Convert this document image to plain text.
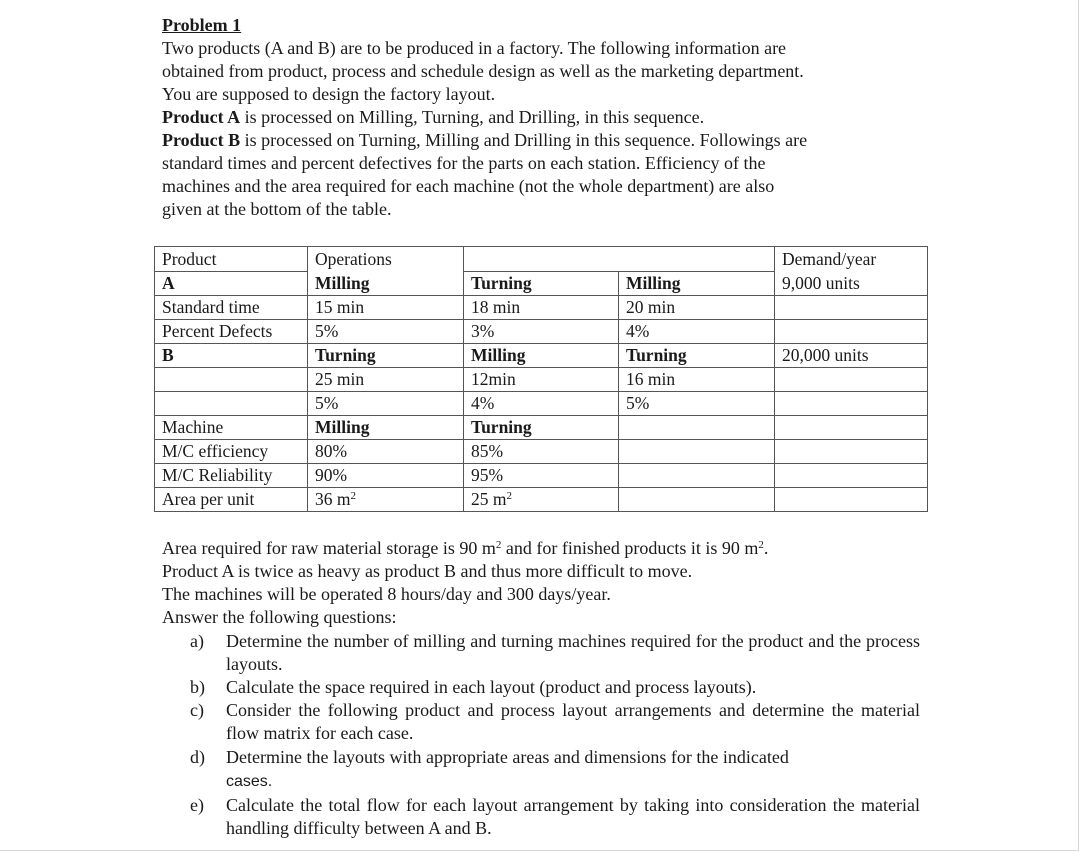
Problem 1
Two products (A and B) are to be produced in a factory. The following information are
obtained from product, process and schedule design as well as the marketing department.
You are supposed to design the factory layout.
Product A is processed on Milling, Turning, and Drilling, in this sequence.
Product B is processed on Turning, Milling and Drilling in this sequence. Followings are
standard times and percent defectives for the parts on each station. Efficiency of the
machines and the area required for each machine (not the whole department) are also
given at the bottom of the table.
Product	Operations			Demand/year
A	Milling	Turning	Milling	9,000 units
Standard time	15 min	18 min	20 min	
Percent Defects	5%	3%	4%	
B	Turning	Milling	Turning	20,000 units
	25 min	12min	16 min	
	5%	4%	5%	
Machine	Milling	Turning		
M/C efficiency	80%	85%		
M/C Reliability	90%	95%		
Area per unit	36 $m^2$	25 $m^2$		
Area required for raw material storage is 90 $m^2$ and for finished products it is 90 $m^2$.
Product A is twice as heavy as product B and thus more difficult to move.
The machines will be operated 8 hours/day and 300 days/year.
Answer the following questions:
a) Determine the number of milling and turning machines required for the product and the process layouts.
b) Calculate the space required in each layout (product and process layouts).
c) Consider the following product and process layout arrangements and determine the material flow matrix for each case.
d) Determine the layouts with appropriate areas and dimensions for the indicated
cases.
e) Calculate the total flow for each layout arrangement by taking into consideration the material handling difficulty between A and B.
